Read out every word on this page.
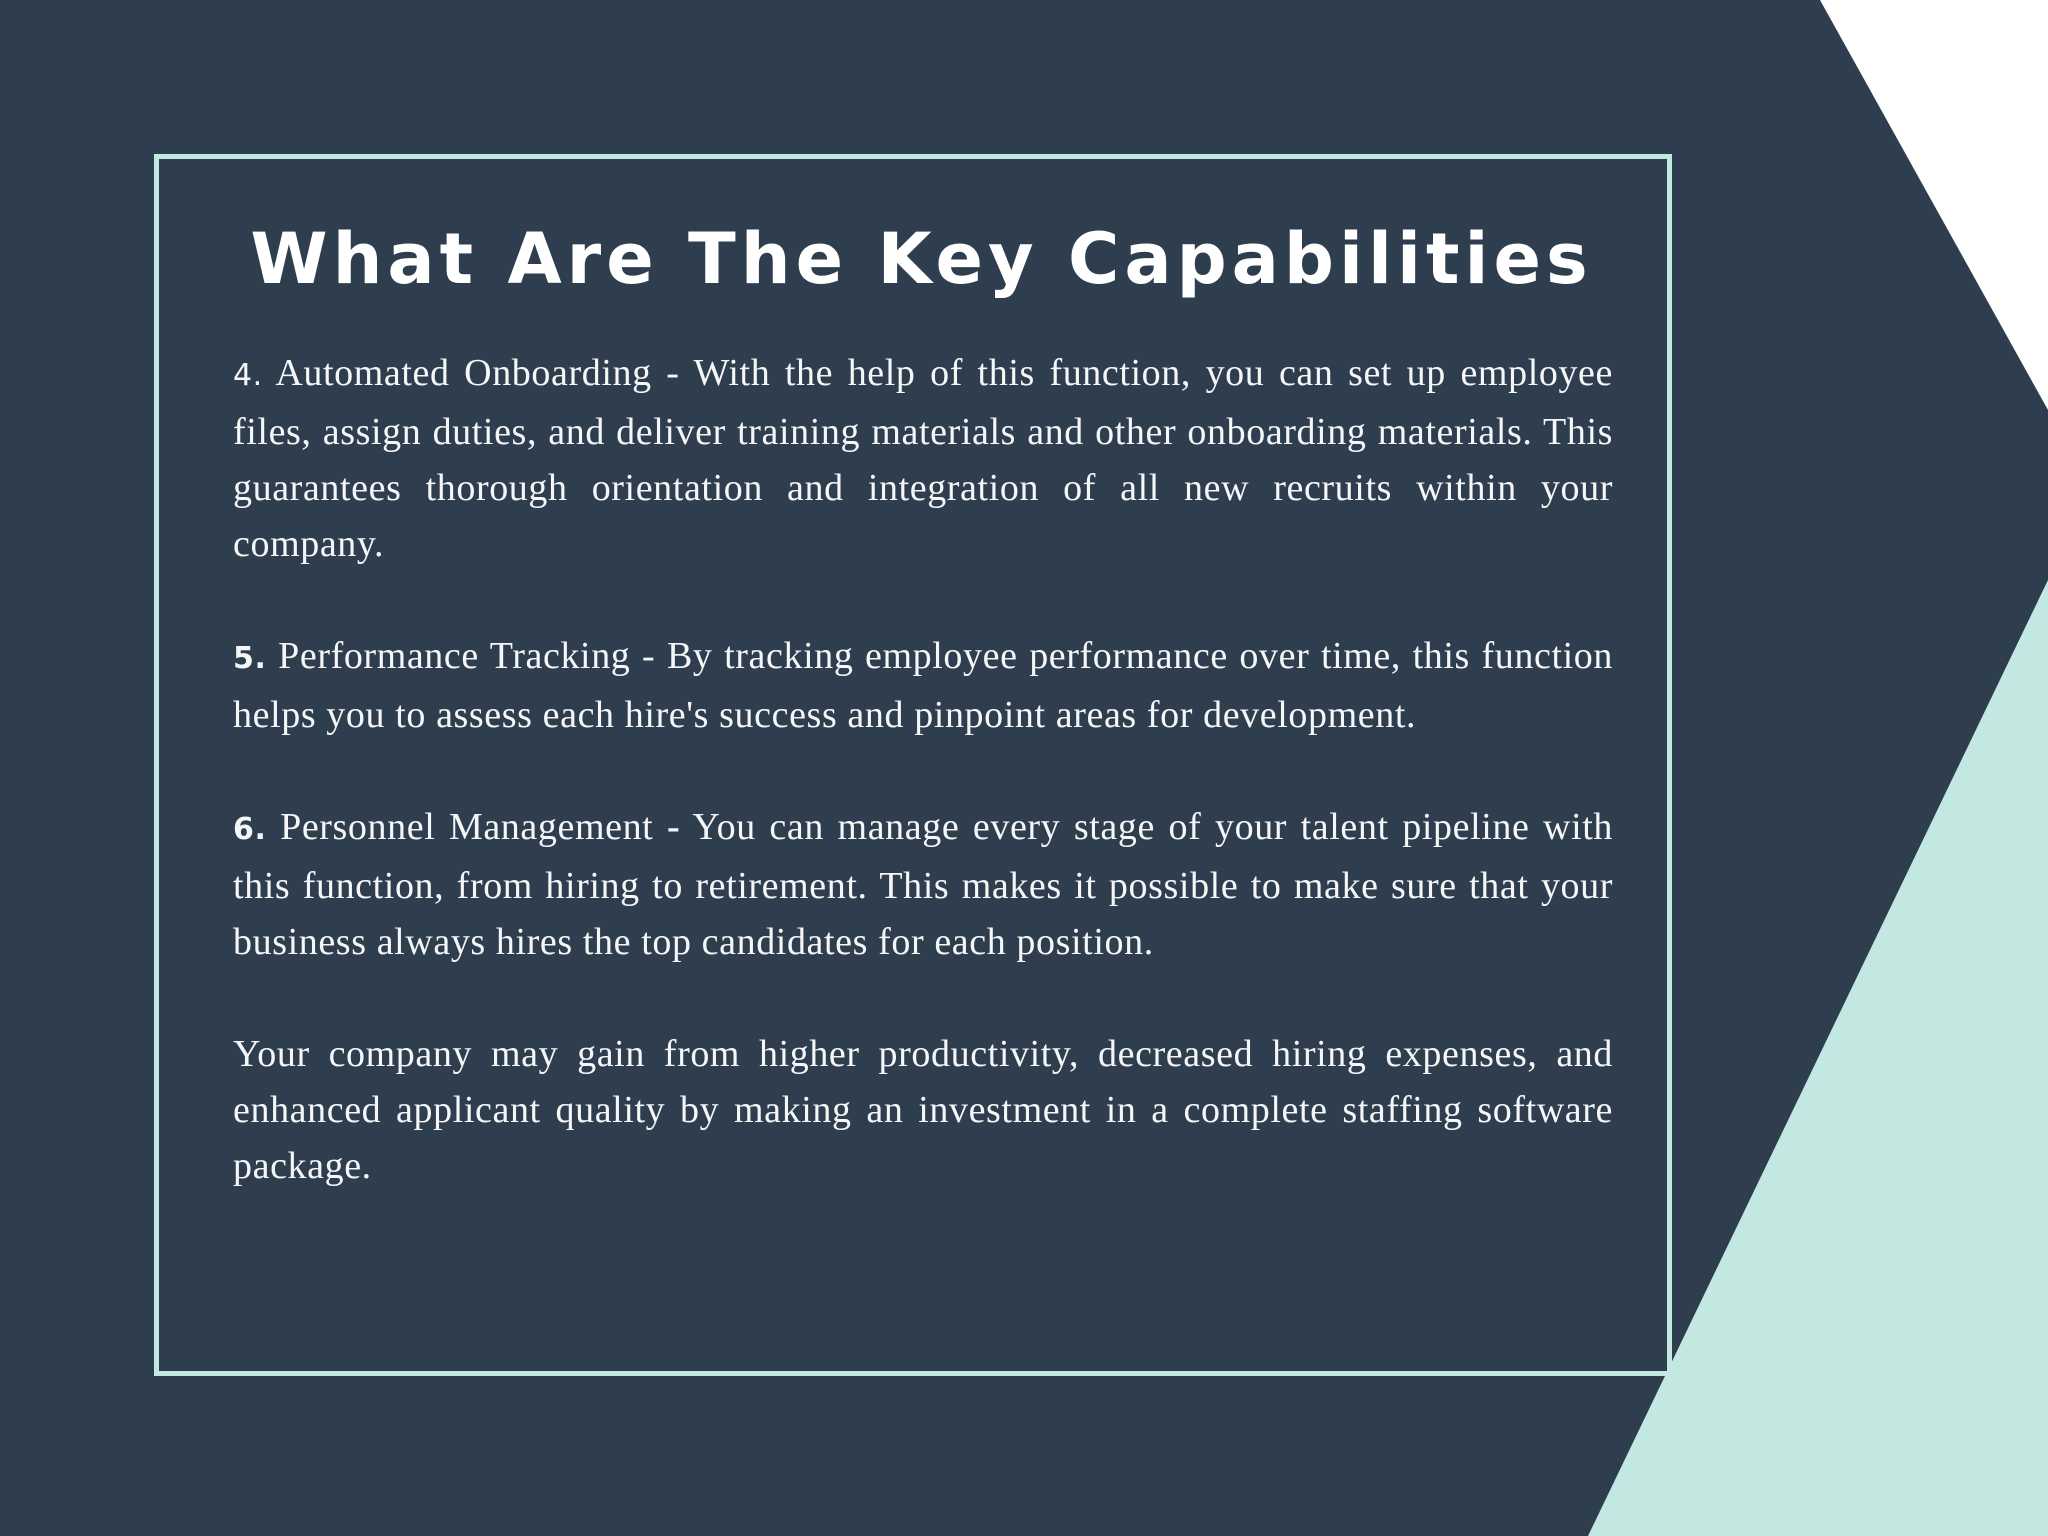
What Are The Key Capabilities

4. Automated Onboarding - With the help of this function, you can set up employee files, assign duties, and deliver training materials and other onboarding materials. This guarantees thorough orientation and integration of all new recruits within your company.

5. Performance Tracking - By tracking employee performance over time, this function helps you to assess each hire's success and pinpoint areas for development.

6. Personnel Management - You can manage every stage of your talent pipeline with this function, from hiring to retirement. This makes it possible to make sure that your business always hires the top candidates for each position.

Your company may gain from higher productivity, decreased hiring expenses, and enhanced applicant quality by making an investment in a complete staffing software package.
